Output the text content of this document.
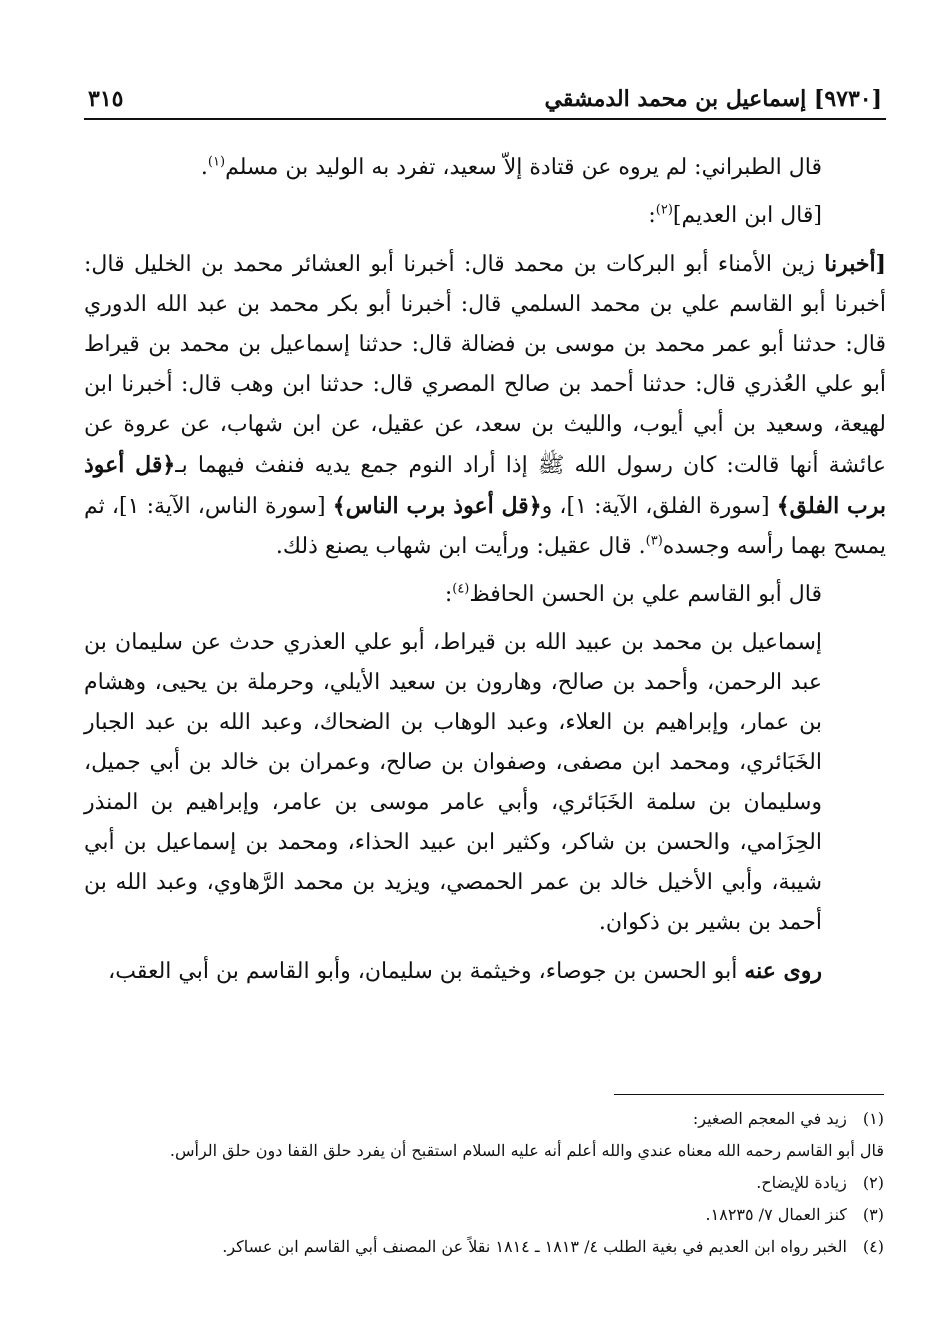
٣١٥	[٩٧٣٠] إسماعيل بن محمد الدمشقي

قال الطبراني: لم يروه عن قتادة إلاّ سعيد، تفرد به الوليد بن مسلم$^{(١)}$.

[قال ابن العديم]$^{(٢)}$:

[أخبرنا زين الأمناء أبو البركات بن محمد قال: أخبرنا أبو العشائر محمد بن الخليل قال: أخبرنا أبو القاسم علي بن محمد السلمي قال: أخبرنا أبو بكر محمد بن عبد الله الدوري قال: حدثنا أبو عمر محمد بن موسى بن فضالة قال: حدثنا إسماعيل بن محمد بن قيراط أبو علي العُذري قال: حدثنا أحمد بن صالح المصري قال: حدثنا ابن وهب قال: أخبرنا ابن لهيعة، وسعيد بن أبي أيوب، والليث بن سعد، عن عقيل، عن ابن شهاب، عن عروة عن عائشة أنها قالت: كان رسول الله ﷺ إذا أراد النوم جمع يديه فنفث فيهما بـ﴿قل أعوذ برب الفلق﴾ [سورة الفلق، الآية: ١]، و﴿قل أعوذ برب الناس﴾ [سورة الناس، الآية: ١]، ثم يمسح بهما رأسه وجسده$^{(٣)}$. قال عقيل: ورأيت ابن شهاب يصنع ذلك.

قال أبو القاسم علي بن الحسن الحافظ$^{(٤)}$:

إسماعيل بن محمد بن عبيد الله بن قيراط، أبو علي العذري حدث عن سليمان بن عبد الرحمن، وأحمد بن صالح، وهارون بن سعيد الأيلي، وحرملة بن يحيى، وهشام بن عمار، وإبراهيم بن العلاء، وعبد الوهاب بن الضحاك، وعبد الله بن عبد الجبار الخَبَائري، ومحمد ابن مصفى، وصفوان بن صالح، وعمران بن خالد بن أبي جميل، وسليمان بن سلمة الخَبَائري، وأبي عامر موسى بن عامر، وإبراهيم بن المنذر الحِزَامي، والحسن بن شاكر، وكثير ابن عبيد الحذاء، ومحمد بن إسماعيل بن أبي شيبة، وأبي الأخيل خالد بن عمر الحمصي، ويزيد بن محمد الرَّهاوي، وعبد الله بن أحمد بن بشير بن ذكوان.

روى عنه أبو الحسن بن جوصاء، وخيثمة بن سليمان، وأبو القاسم بن أبي العقب،

(١) زيد في المعجم الصغير:
قال أبو القاسم رحمه الله معناه عندي والله أعلم أنه عليه السلام استقبح أن يفرد حلق القفا دون حلق الرأس.
(٢) زيادة للإيضاح.
(٣) كنز العمال ٧/ ١٨٢٣٥.
(٤) الخبر رواه ابن العديم في بغية الطلب ٤/ ١٨١٣ ـ ١٨١٤ نقلاً عن المصنف أبي القاسم ابن عساكر.
